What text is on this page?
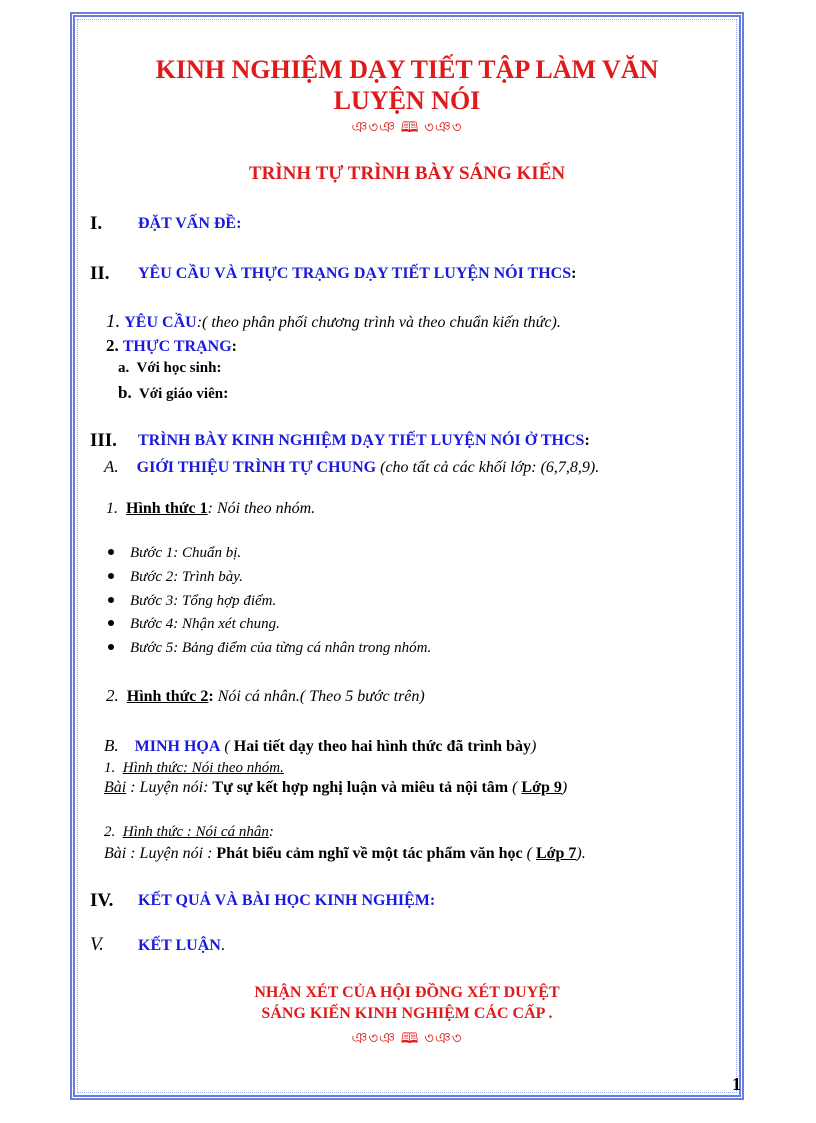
KINH NGHIỆM DẠY TIẾT TẬP LÀM VĂN
LUYỆN NÓI
ঞ৩ঞ 🕮 ৩ঞ৩
TRÌNH TỰ TRÌNH BÀY SÁNG KIẾN
I. ĐẶT VẤN ĐỀ:
II. YÊU CẦU VÀ THỰC TRẠNG DẠY TIẾT LUYỆN NÓI THCS:
1. YÊU CẦU:( theo phân phối chương trình và theo chuẩn kiến thức).
2. THỰC TRẠNG:
a. Với học sinh:
b. Với giáo viên:
III. TRÌNH BÀY KINH NGHIỆM DẠY TIẾT LUYỆN NÓI Ở THCS:
A. GIỚI THIỆU TRÌNH TỰ CHUNG (cho tất cả các khối lớp: (6,7,8,9).
1. Hình thức 1: Nói theo nhóm.
Bước 1: Chuẩn bị.
Bước 2: Trình bày.
Bước 3: Tổng hợp điểm.
Bước 4: Nhận xét chung.
Bước 5: Bảng điểm của từng cá nhân trong nhóm.
2. Hình thức 2: Nói cá nhân.( Theo 5 bước trên)
B. MINH HỌA ( Hai tiết dạy theo hai hình thức đã trình bày)
1. Hình thức: Nói theo nhóm.
Bài : Luyện nói: Tự sự kết hợp nghị luận và miêu tả nội tâm ( Lớp 9)
2. Hình thức : Nói cá nhân:
Bài : Luyện nói : Phát biểu cảm nghĩ về một tác phẩm văn học ( Lớp 7).
IV. KẾT QUẢ VÀ BÀI HỌC KINH NGHIỆM:
V. KẾT LUẬN.
NHẬN XÉT CỦA HỘI ĐỒNG XÉT DUYỆT
SÁNG KIẾN KINH NGHIỆM CÁC CẤP .
ঞ৩ঞ 🕮 ৩ঞ৩
1
